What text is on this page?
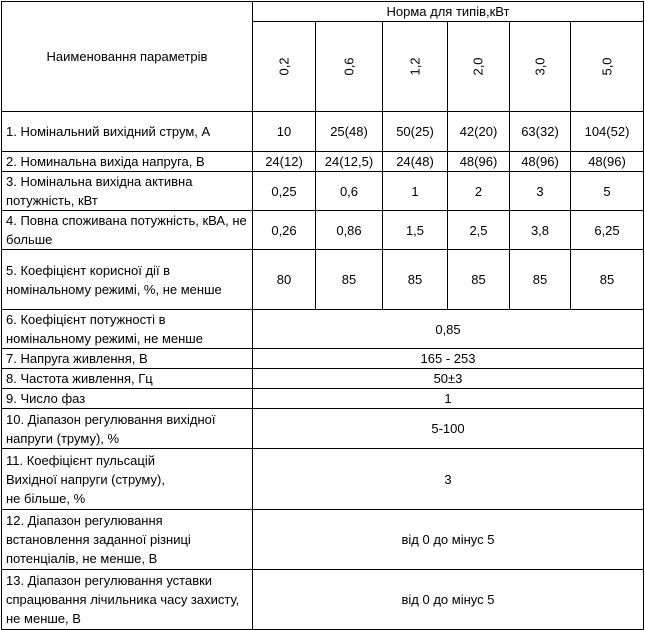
Наименовання параметрів	Норма для типів,кВт					
	0,2	0,6	1,2	2,0	3,0	5,0
1. Номінальний вихідний струм, А	10	25(48)	50(25)	42(20)	63(32)	104(52)
2. Номинальна вихіда напруга, В	24(12)	24(12,5)	24(48)	48(96)	48(96)	48(96)
3. Номінальна вихідна активна потужність, кВт	0,25	0,6	1	2	3	5
4. Повна споживана потужність, кВА, не больше	0,26	0,86	1,5	2,5	3,8	6,25
5. Коефіцієнт корисної дії в номінальному режимі, %, не менше	80	85	85	85	85	85
6. Коефіцієнт потужності в номінальному режимі, не менше	0,85					
7. Напруга живлення, В	165 - 253					
8. Частота живлення, Гц	50±3					
9. Число фаз	1					
10. Діапазон регулювання вихідної напруги (труму), %	5-100					

11. Коефіцієнт пульсацій
Вихідної напруги (струму),
не більше, %	3					
12. Діапазон регулювання встановлення заданної різниці потенціалів, не менше, В	від 0 до мінус 5					
13. Діапазон регулювання уставки спрацювання лічильника часу захисту, не менше, В	від 0 до мінус 5					
